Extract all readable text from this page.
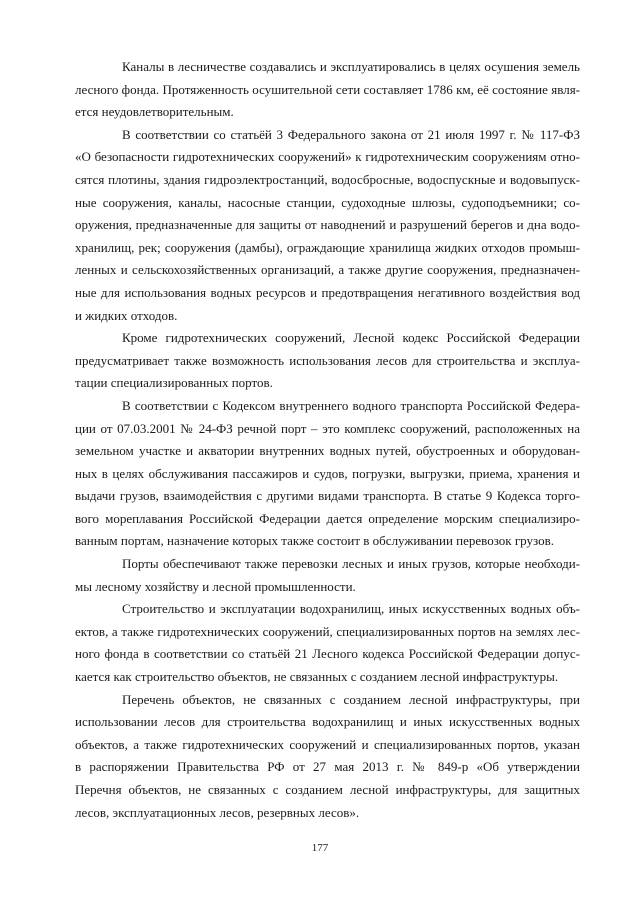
Каналы в лесничестве создавались и эксплуатировались в целях осушения земель
лесного фонда. Протяженность осушительной сети составляет 1786 км, её состояние явля-
ется неудовлетворительным.
В соответствии со статьёй 3 Федерального закона от 21 июля 1997 г. № 117-ФЗ
«О безопасности гидротехнических сооружений» к гидротехническим сооружениям отно-
сятся плотины, здания гидроэлектростанций, водосбросные, водоспускные и водовыпуск-
ные сооружения, каналы, насосные станции, судоходные шлюзы, судоподъемники; со-
оружения, предназначенные для защиты от наводнений и разрушений берегов и дна водо-
хранилищ, рек; сооружения (дамбы), ограждающие хранилища жидких отходов промыш-
ленных и сельскохозяйственных организаций, а также другие сооружения, предназначен-
ные для использования водных ресурсов и предотвращения негативного воздействия вод
и жидких отходов.
Кроме гидротехнических сооружений, Лесной кодекс Российской Федерации
предусматривает также возможность использования лесов для строительства и эксплуа-
тации специализированных портов.
В соответствии с Кодексом внутреннего водного транспорта Российской Федера-
ции от 07.03.2001 № 24-ФЗ речной порт – это комплекс сооружений, расположенных на
земельном участке и акватории внутренних водных путей, обустроенных и оборудован-
ных в целях обслуживания пассажиров и судов, погрузки, выгрузки, приема, хранения и
выдачи грузов, взаимодействия с другими видами транспорта. В статье 9 Кодекса торго-
вого мореплавания Российской Федерации дается определение морским специализиро-
ванным портам, назначение которых также состоит в обслуживании перевозок грузов.
Порты обеспечивают также перевозки лесных и иных грузов, которые необходи-
мы лесному хозяйству и лесной промышленности.
Строительство и эксплуатации водохранилищ, иных искусственных водных объ-
ектов, а также гидротехнических сооружений, специализированных портов на землях лес-
ного фонда в соответствии со статьёй 21 Лесного кодекса Российской Федерации допус-
кается как строительство объектов, не связанных с созданием лесной инфраструктуры.
Перечень объектов, не связанных с созданием лесной инфраструктуры, при
использовании лесов для строительства водохранилищ и иных искусственных водных
объектов, а также гидротехнических сооружений и специализированных портов, указан
в распоряжении Правительства РФ от 27 мая 2013 г. № 849-р «Об утверждении
Перечня объектов, не связанных с созданием лесной инфраструктуры, для защитных
лесов, эксплуатационных лесов, резервных лесов».
177
